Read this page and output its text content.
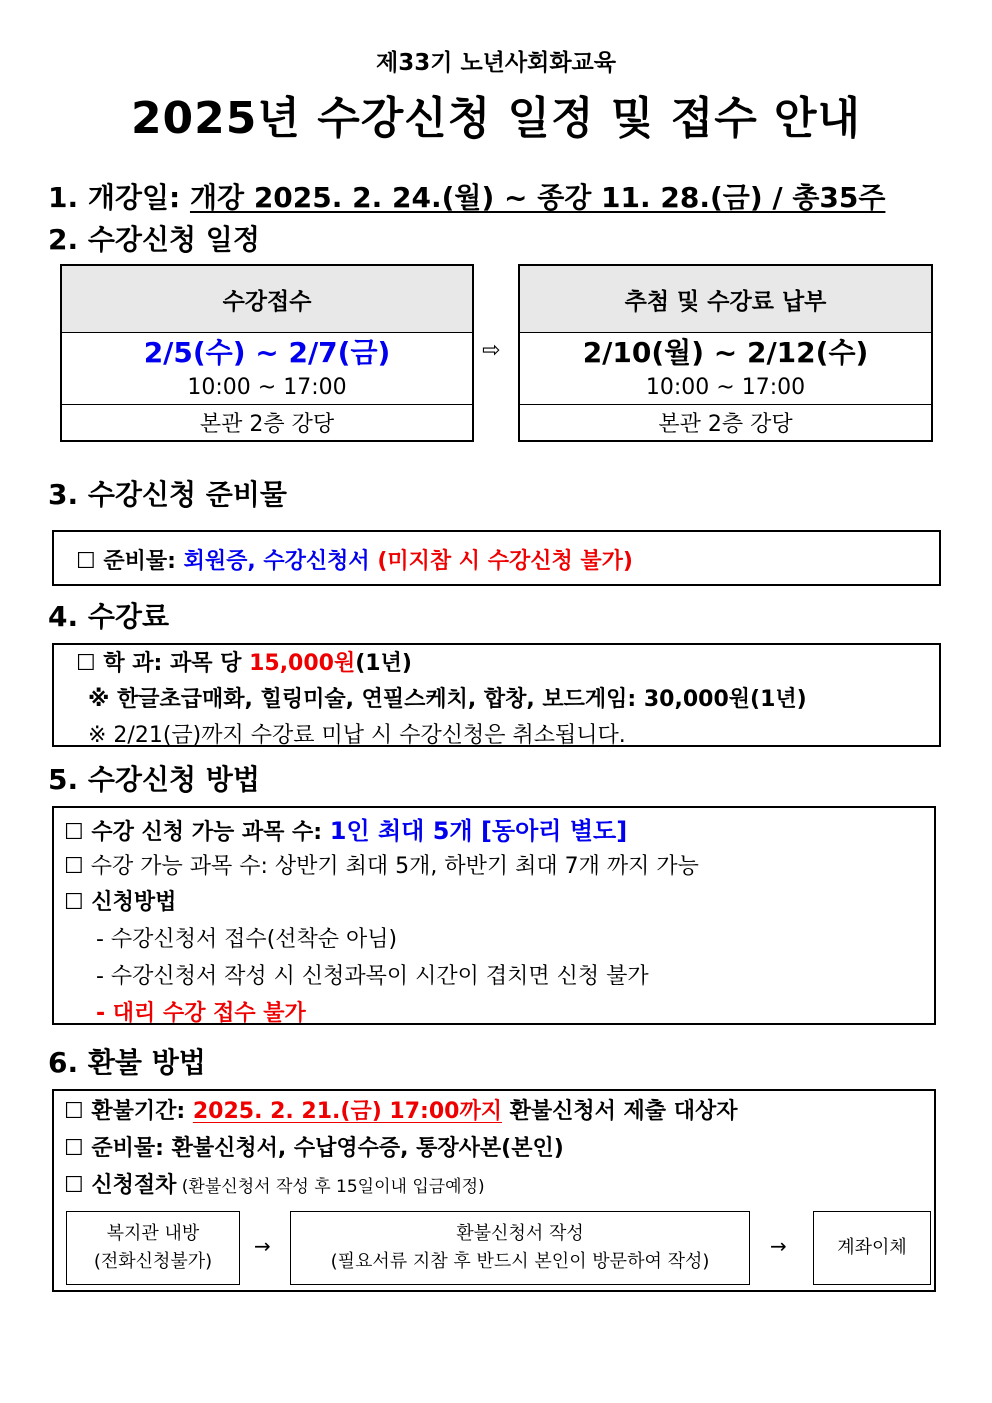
제33기 노년사회화교육
2025년 수강신청 일정 및 접수 안내
1. 개강일: 개강 2025. 2. 24.(월) ~ 종강 11. 28.(금) / 총35주
2. 수강신청 일정
수강접수
2/5(수) ~ 2/7(금)
10:00 ~ 17:00
본관 2층 강당
⇨
추첨 및 수강료 납부
2/10(월) ~ 2/12(수)
10:00 ~ 17:00
본관 2층 강당
3. 수강신청 준비물
☐ 준비물: 회원증, 수강신청서 (미지참 시 수강신청 불가)
4. 수강료
☐ 학 과: 과목 당 15,000원(1년)
※ 한글초급매화, 힐링미술, 연필스케치, 합창, 보드게임: 30,000원(1년)
※ 2/21(금)까지 수강료 미납 시 수강신청은 취소됩니다.
5. 수강신청 방법
☐ 수강 신청 가능 과목 수: 1인 최대 5개 [동아리 별도]
☐ 수강 가능 과목 수: 상반기 최대 5개, 하반기 최대 7개 까지 가능
☐ 신청방법
- 수강신청서 접수(선착순 아님)
- 수강신청서 작성 시 신청과목이 시간이 겹치면 신청 불가
- 대리 수강 접수 불가
6. 환불 방법
☐ 환불기간: 2025. 2. 21.(금) 17:00까지 환불신청서 제출 대상자
☐ 준비물: 환불신청서, 수납영수증, 통장사본(본인)
☐ 신청절차 (환불신청서 작성 후 15일이내 입금예정)
복지관 내방
(전화신청불가)
→
환불신청서 작성
(필요서류 지참 후 반드시 본인이 방문하여 작성)
→	계좌이체
